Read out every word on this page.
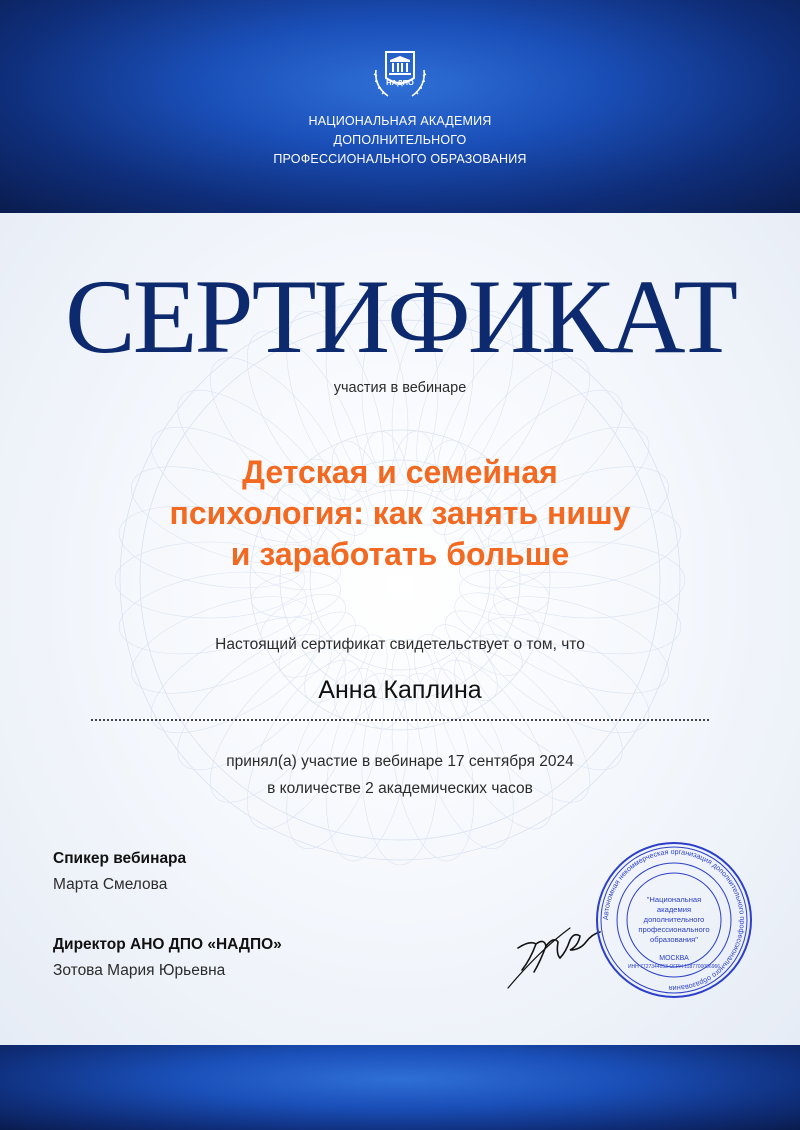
НАДПО
НАЦИОНАЛЬНАЯ АКАДЕМИЯ
ДОПОЛНИТЕЛЬНОГО
ПРОФЕССИОНАЛЬНОГО ОБРАЗОВАНИЯ
СЕРТИФИКАТ
участия в вебинаре
Детская и семейная
психология: как занять нишу
и заработать больше
Настоящий сертификат свидетельствует о том, что
Анна Каплина
принял(а) участие в вебинаре 17 сентября 2024
в количестве 2 академических часов
Спикер вебинара
Марта Смелова
Директор АНО ДПО «НАДПО»
Зотова Мария Юрьевна
Автономная некоммерческая организация дополнительного профессионального образования
"Национальная
академия
дополнительного
профессионального
образования"
МОСКВА
ИНН 7727344053 ОГРН 1187700006966
